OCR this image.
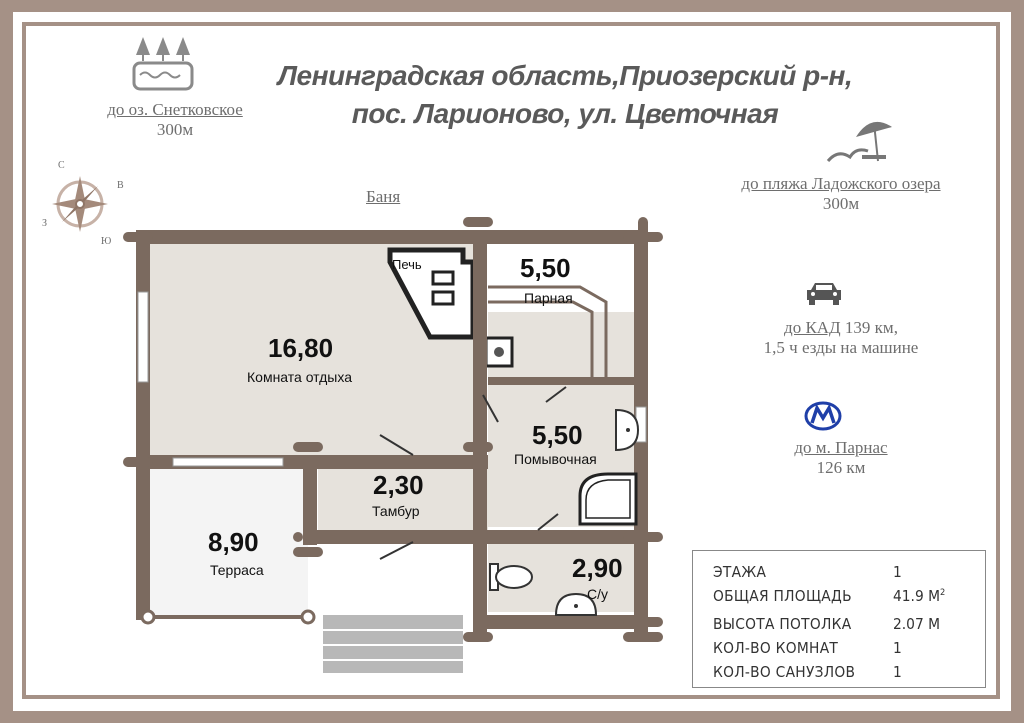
Ленинградская область,Приозерский р-н,
пос. Ларионово, ул. Цветочная
до оз. Снетковское
300м
до пляжа Ладожского озера
300м
до КАД 139 км,
1,5 ч езды на машине
до м. Парнас
126 км
С
В
Ю
З
Баня
Печь
16,80
Комната отдыха
5,50
Парная
5,50
Помывочная
2,30
Тамбур
8,90
Терраса	2,90
С/у
ЭТАЖА	1
ОБЩАЯ ПЛОЩАДЬ	41.9 $М^2$
ВЫСОТА ПОТОЛКА	2.07 М
КОЛ-ВО КОМНАТ	1
КОЛ-ВО САНУЗЛОВ	1
